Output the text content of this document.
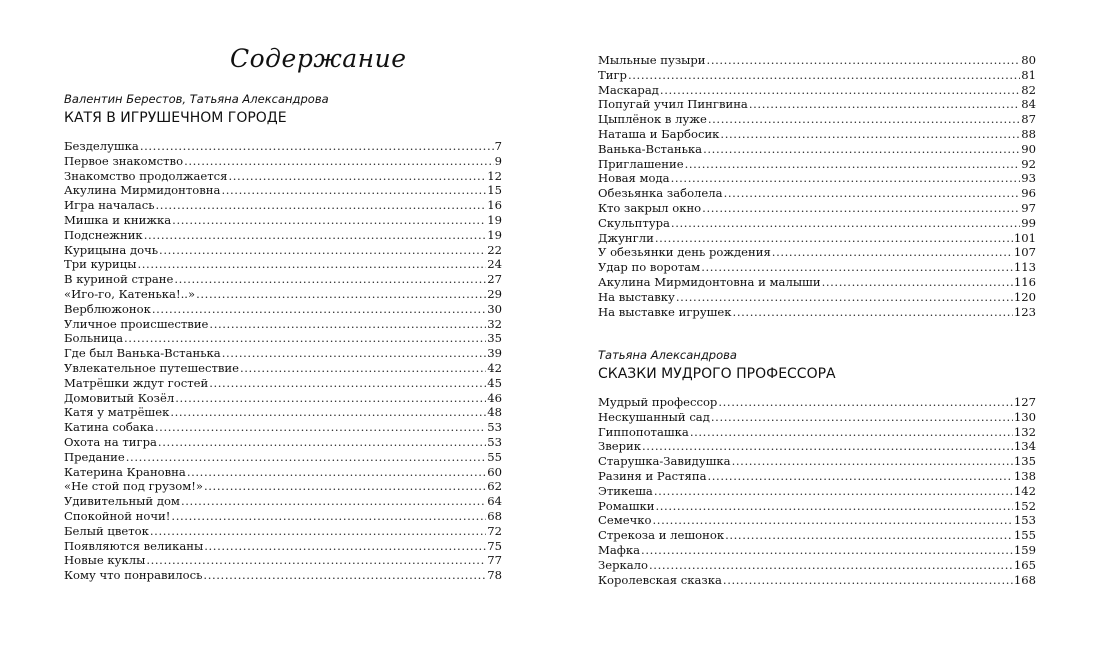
Содержание
Валентин Берестов, Татьяна Александрова
КАТЯ В ИГРУШЕЧНОМ ГОРОДЕ
Безделушка .....	7
Первое знакомство .....	9
Знакомство продолжается .....	12
Акулина Мирмидонтовна .....	15
Игра началась .....	16
Мишка и книжка .....	19
Подснежник .....	19
Курицына дочь .....	22
Три курицы .....	24
В куриной стране .....	27
«Иго-го, Катенька!..» .....	29
Верблюжонок .....	30
Уличное происшествие .....	32
Больница .....	35
Где был Ванька-Встанька .....	39
Увлекательное путешествие .....	42
Матрёшки ждут гостей .....	45
Домовитый Козёл .....	46
Катя у матрёшек .....	48
Катина собака .....	53
Охота на тигра .....	53
Предание .....	55
Катерина Крановна .....	60
«Не стой под грузом!» .....	62
Удивительный дом .....	64
Спокойной ночи! .....	68
Белый цветок .....	72
Появляются великаны .....	75
Новые куклы .....	77
Кому что понравилось .....	78
Мыльные пузыри .....	80
Тигр .....	81
Маскарад .....	82
Попугай учил Пингвина .....	84
Цыплёнок в луже .....	87
Наташа и Барбосик .....	88
Ванька-Встанька .....	90
Приглашение .....	92
Новая мода .....	93
Обезьянка заболела .....	96
Кто закрыл окно .....	97
Скульптура .....	99
Джунгли .....	101
У обезьянки день рождения .....	107
Удар по воротам .....	113
Акулина Мирмидонтовна и малыши .....	116
На выставку .....	120
На выставке игрушек .....	123
Татьяна Александрова
СКАЗКИ МУДРОГО ПРОФЕССОРА
Мудрый профессор .....	127
Нескушанный сад .....	130
Гиппопоташка .....	132
Зверик .....	134
Старушка-Завидушка .....	135
Разиня и Растяпа .....	138
Этикеша .....	142
Ромашки .....	152
Семечко .....	153
Стрекоза и лешонок .....	155
Мафка .....	159
Зеркало .....	165
Королевская сказка .....	168
